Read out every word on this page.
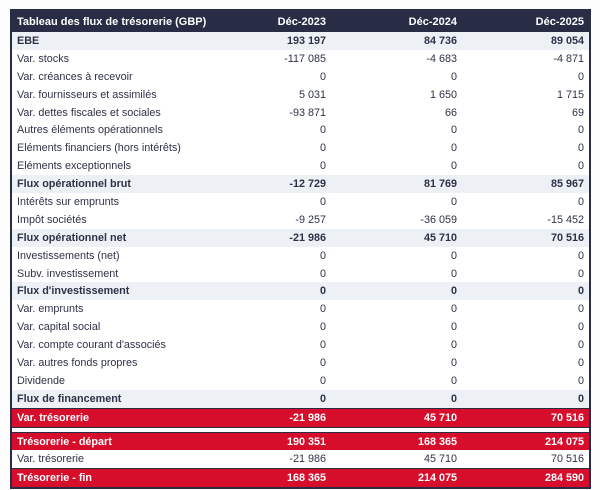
Tableau des flux de trésorerie (GBP)	Déc-2023	Déc-2024	Déc-2025
EBE	193 197	84 736	89 054
Var. stocks	-117 085	-4 683	-4 871
Var. créances à recevoir	0	0	0
Var. fournisseurs et assimilés	5 031	1 650	1 715
Var. dettes fiscales et sociales	-93 871	66	69
Autres éléments opérationnels	0	0	0
Eléments financiers (hors intérêts)	0	0	0
Eléments exceptionnels	0	0	0
Flux opérationnel brut	-12 729	81 769	85 967
Intérêts sur emprunts	0	0	0
Impôt sociétés	-9 257	-36 059	-15 452
Flux opérationnel net	-21 986	45 710	70 516
Investissements (net)	0	0	0
Subv. investissement	0	0	0
Flux d'investissement	0	0	0
Var. emprunts	0	0	0
Var. capital social	0	0	0
Var. compte courant d'associés	0	0	0
Var. autres fonds propres	0	0	0
Dividende	0	0	0
Flux de financement	0	0	0
Var. trésorerie	-21 986	45 710	70 516
Trésorerie - départ	190 351	168 365	214 075
Var. trésorerie	-21 986	45 710	70 516
Trésorerie - fin	168 365	214 075	284 590
